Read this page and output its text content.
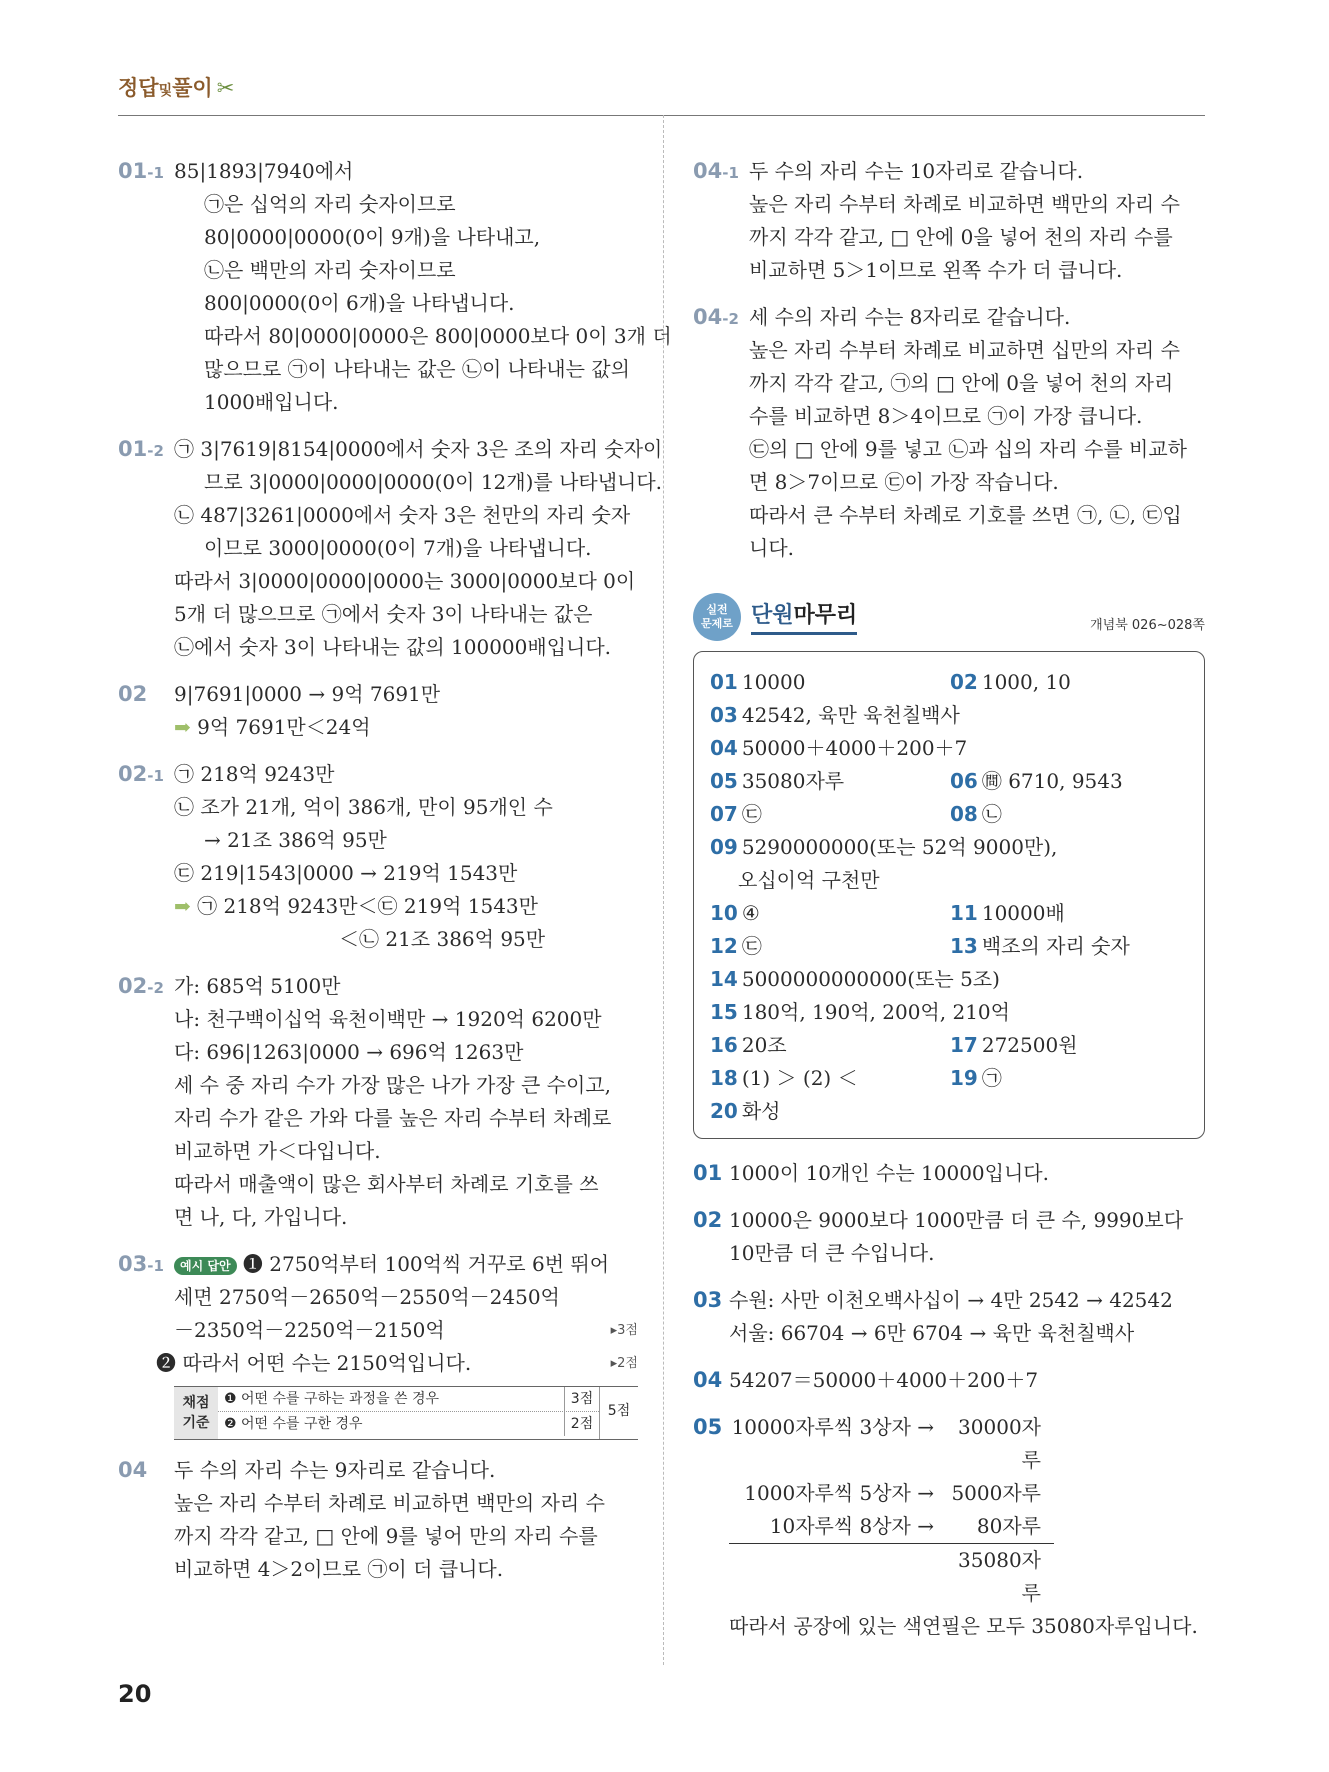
정답및풀이 ✂
01-1 85|1893|7940에서
㉠은 십억의 자리 숫자이므로
80|0000|0000(0이 9개)을 나타내고,
㉡은 백만의 자리 숫자이므로
800|0000(0이 6개)을 나타냅니다.
따라서 80|0000|0000은 800|0000보다 0이 3개 더
많으므로 ㉠이 나타내는 값은 ㉡이 나타내는 값의
1000배입니다.
01-2 ㉠ 3|7619|8154|0000에서 숫자 3은 조의 자리 숫자이
므로 3|0000|0000|0000(0이 12개)를 나타냅니다.
㉡ 487|3261|0000에서 숫자 3은 천만의 자리 숫자
이므로 3000|0000(0이 7개)을 나타냅니다.
따라서 3|0000|0000|0000는 3000|0000보다 0이
5개 더 많으므로 ㉠에서 숫자 3이 나타내는 값은
㉡에서 숫자 3이 나타내는 값의 100000배입니다.
02 9|7691|0000 → 9억 7691만
➡ 9억 7691만＜24억
02-1 ㉠ 218억 9243만
㉡ 조가 21개, 억이 386개, 만이 95개인 수
→ 21조 386억 95만
㉢ 219|1543|0000 → 219억 1543만
➡ ㉠ 218억 9243만＜㉢ 219억 1543만
＜㉡ 21조 386억 95만
02-2 가: 685억 5100만
나: 천구백이십억 육천이백만 → 1920억 6200만
다: 696|1263|0000 → 696억 1263만
세 수 중 자리 수가 가장 많은 나가 가장 큰 수이고,
자리 수가 같은 가와 다를 높은 자리 수부터 차례로
비교하면 가＜다입니다.
따라서 매출액이 많은 회사부터 차례로 기호를 쓰
면 나, 다, 가입니다.
03-1	예시 답안 ❶ 2750억부터 100억씩 거꾸로 6번 뛰어
세면 2750억－2650억－2550억－2450억
－2350억－2250억－2150억	▸3점
❷ 따라서 어떤 수는 2150억입니다.	▸2점
채점 기준
❶ 어떤 수를 구하는 과정을 쓴 경우	3점
❷ 어떤 수를 구한 경우	2점
5점
04 두 수의 자리 수는 9자리로 같습니다.
높은 자리 수부터 차례로 비교하면 백만의 자리 수
까지 각각 같고, □ 안에 9를 넣어 만의 자리 수를
비교하면 4＞2이므로 ㉠이 더 큽니다.
04-1 두 수의 자리 수는 10자리로 같습니다.
높은 자리 수부터 차례로 비교하면 백만의 자리 수
까지 각각 같고, □ 안에 0을 넣어 천의 자리 수를
비교하면 5＞1이므로 왼쪽 수가 더 큽니다.
04-2 세 수의 자리 수는 8자리로 같습니다.
높은 자리 수부터 차례로 비교하면 십만의 자리 수
까지 각각 같고, ㉠의 □ 안에 0을 넣어 천의 자리
수를 비교하면 8＞4이므로 ㉠이 가장 큽니다.
㉢의 □ 안에 9를 넣고 ㉡과 십의 자리 수를 비교하
면 8＞7이므로 ㉢이 가장 작습니다.
따라서 큰 수부터 차례로 기호를 쓰면 ㉠, ㉡, ㉢입
니다.
실전
문제로 단원마무리	개념북 026~028쪽
01 10000	02 1000, 10
03 42542, 육만 육천칠백사
04 50000＋4000＋200＋7
05 35080자루	06 ㉄ 6710, 9543
07 ㉢	08 ㉡
09 5290000000(또는 52억 9000만),
오십이억 구천만
10 ④	11 10000배
12 ㉢	13 백조의 자리 숫자
14 5000000000000(또는 5조)
15 180억, 190억, 200억, 210억
16 20조	17 272500원
18 (1) ＞ (2) ＜	19 ㉠
20 화성
01 1000이 10개인 수는 10000입니다.
02 10000은 9000보다 1000만큼 더 큰 수, 9990보다
10만큼 더 큰 수입니다.
03 수원: 사만 이천오백사십이 → 4만 2542 → 42542
서울: 66704 → 6만 6704 → 육만 육천칠백사
04 54207＝50000＋4000＋200＋7
05 10000자루씩 3상자 →	30000자루
1000자루씩 5상자 → 5000자루
10자루씩 8상자 →	80자루
35080자루
따라서 공장에 있는 색연필은 모두 35080자루입니다.
20
